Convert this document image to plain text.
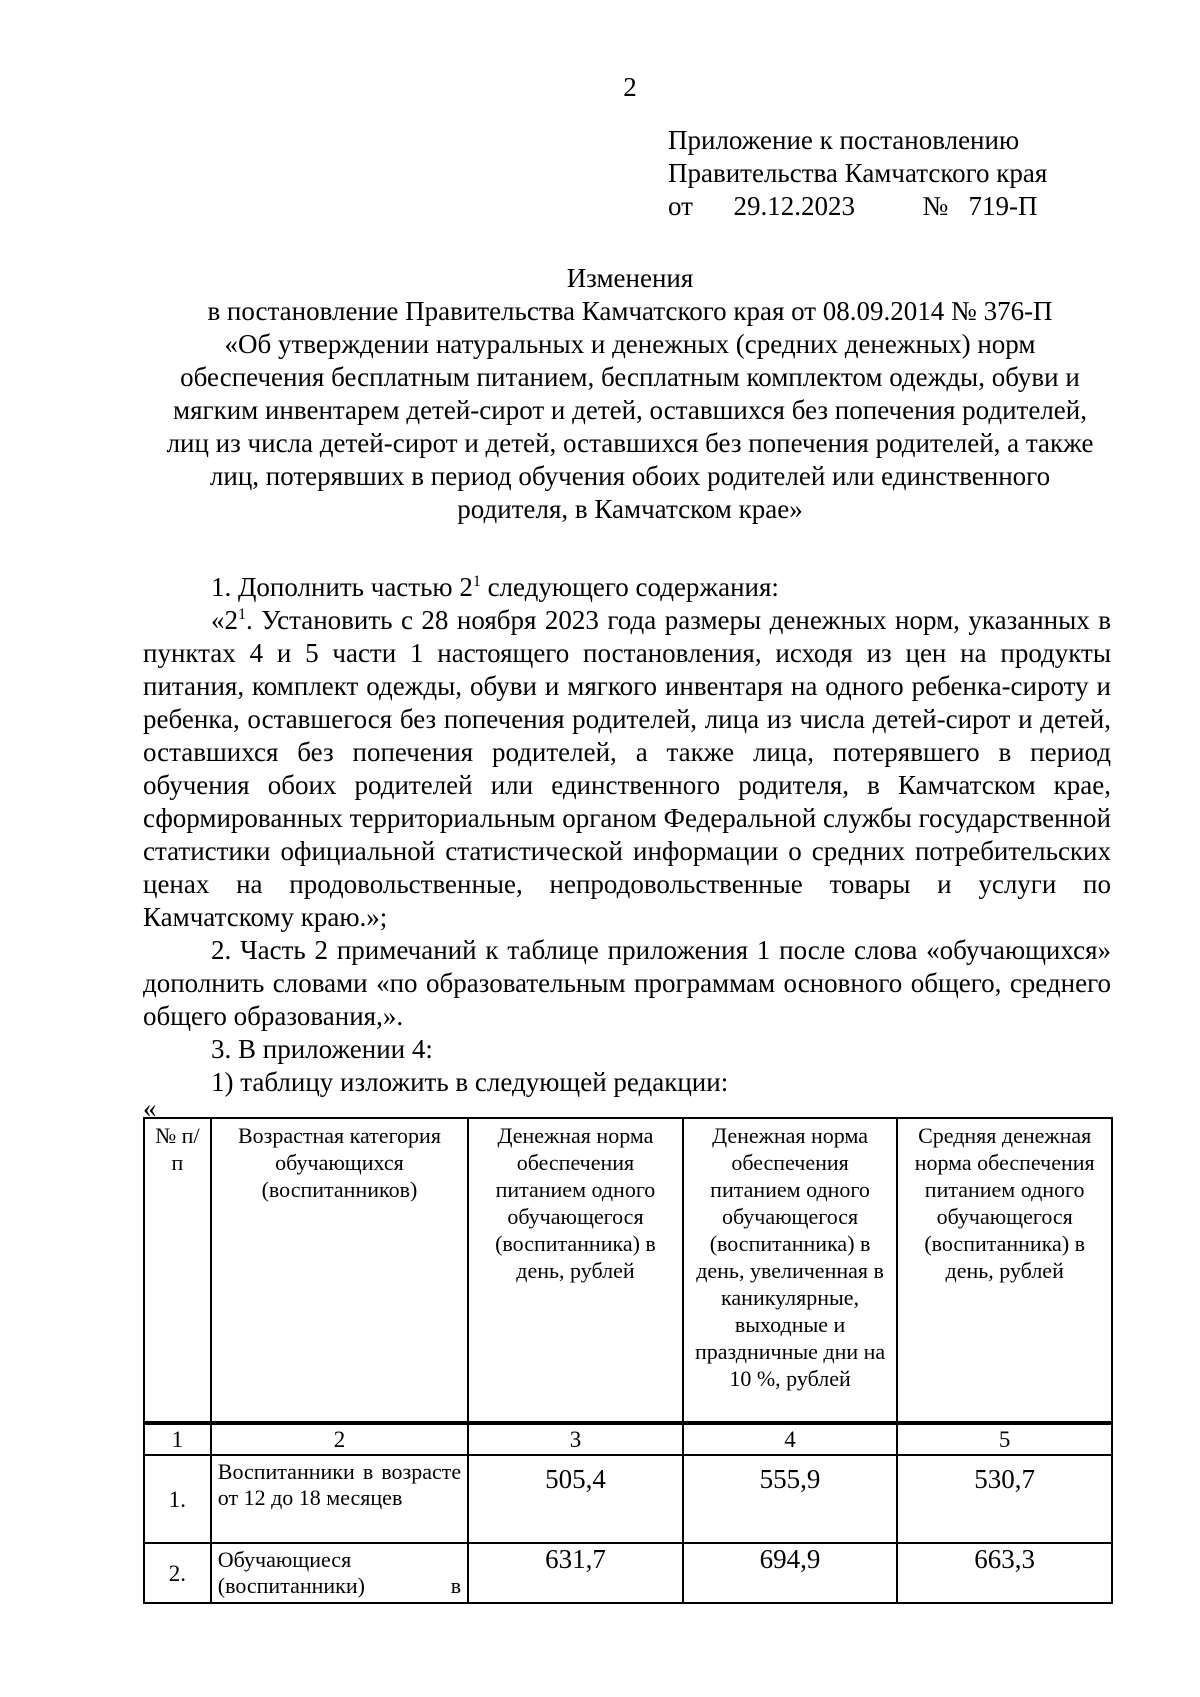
2
Приложение к постановлению
Правительства Камчатского края
от 29.12.2023	№ 719-П
Изменения
в постановление Правительства Камчатского края от 08.09.2014 № 376-П
«Об утверждении натуральных и денежных (средних денежных) норм
обеспечения бесплатным питанием, бесплатным комплектом одежды, обуви и
мягким инвентарем детей-сирот и детей, оставшихся без попечения родителей,
лиц из числа детей-сирот и детей, оставшихся без попечения родителей, а также
лиц, потерявших в период обучения обоих родителей или единственного
родителя, в Камчатском крае»

1. Дополнить частью $2^1$ следующего содержания:

«$2^1$. Установить с 28 ноября 2023 года размеры денежных норм, указанных в пунктах 4 и 5 части 1 настоящего постановления, исходя из цен на продукты питания, комплект одежды, обуви и мягкого инвентаря на одного ребенка-сироту и ребенка, оставшегося без попечения родителей, лица из числа детей-сирот и детей, оставшихся без попечения родителей, а также лица, потерявшего в период обучения обоих родителей или единственного родителя, в Камчатском крае, сформированных территориальным органом Федеральной службы государственной статистики официальной статистической информации о средних потребительских ценах на продовольственные, непродовольственные товары и услуги по Камчатскому краю.»;

2. Часть 2 примечаний к таблице приложения 1 после слова «обучающихся» дополнить словами «по образовательным программам основного общего, среднего общего образования,».

3. В приложении 4:

1) таблицу изложить в следующей редакции:

«
№ п/п	Возрастная категория обучающихся (воспитанников)	Денежная норма обеспечения питанием одного обучающегося (воспитанника) в день, рублей	Денежная норма обеспечения питанием одного обучающегося (воспитанника) в день, увеличенная в каникулярные, выходные и праздничные дни на 10 %, рублей	Средняя денежная норма обеспечения питанием одного обучающегося (воспитанника) в день, рублей
1	2	3	4	5
1.	Воспитанники в возрасте от 12 до 18 месяцев	505,4	555,9	530,7
2.	Обучающиеся (воспитанники) в	631,7	694,9	663,3
